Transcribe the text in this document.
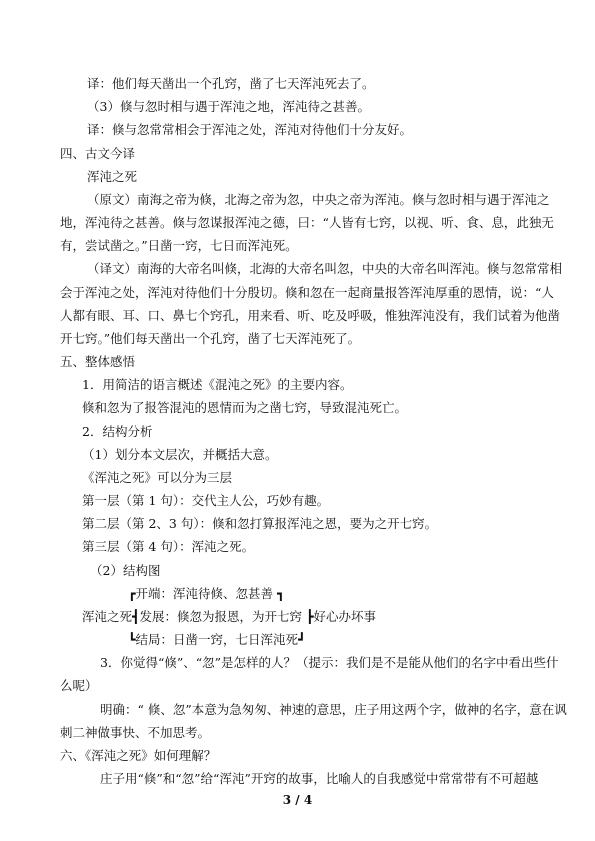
译：他们每天凿出一个孔窍，凿了七天浑沌死去了。
（3）倏与忽时相与遇于浑沌之地，浑沌待之甚善。
译：倏与忽常常相会于浑沌之处，浑沌对待他们十分友好。
四、古文今译
浑沌之死
（原文）南海之帝为倏，北海之帝为忽，中央之帝为浑沌。倏与忽时相与遇于浑沌之
地，浑沌待之甚善。倏与忽谋报浑沌之德，曰：“人皆有七窍，以视、听、食、息，此独无
有，尝试凿之。”日凿一窍，七日而浑沌死。
（译文）南海的大帝名叫倏，北海的大帝名叫忽，中央的大帝名叫浑沌。倏与忽常常相
会于浑沌之处，浑沌对待他们十分殷切。倏和忽在一起商量报答浑沌厚重的恩情，说：“人
人都有眼、耳、口、鼻七个窍孔，用来看、听、吃及呼吸，惟独浑沌没有，我们试着为他凿
开七窍。”他们每天凿出一个孔窍，凿了七天浑沌死了。
五、整体感悟
1．用简洁的语言概述《混沌之死》的主要内容。
倏和忽为了报答混沌的恩情而为之凿七窍，导致混沌死亡。
2．结构分析
（1）划分本文层次，并概括大意。
《浑沌之死》可以分为三层
第一层（第 1 句）：交代主人公，巧妙有趣。
第二层（第 2、3 句）：倏和忽打算报浑沌之恩，要为之开七窍。
第三层（第 4 句）：浑沌之死。
（2）结构图
┏开端：浑沌待倏、忽甚善 ┓
浑沌之死┫发展：倏忽为报恩，为开七窍 ┣好心办坏事
┗结局：日凿一窍，七日浑沌死┛
3．你觉得“倏”、“忽”是怎样的人？（提示：我们是不是能从他们的名字中看出些什
么呢）
明确：“ 倏、忽”本意为急匆匆、神速的意思，庄子用这两个字，做神的名字，意在讽
刺二神做事快、不加思考。
六、《浑沌之死》如何理解？
庄子用“倏”和“忽”给“浑沌”开窍的故事，比喻人的自我感觉中常常带有不可超越
3 / 4
